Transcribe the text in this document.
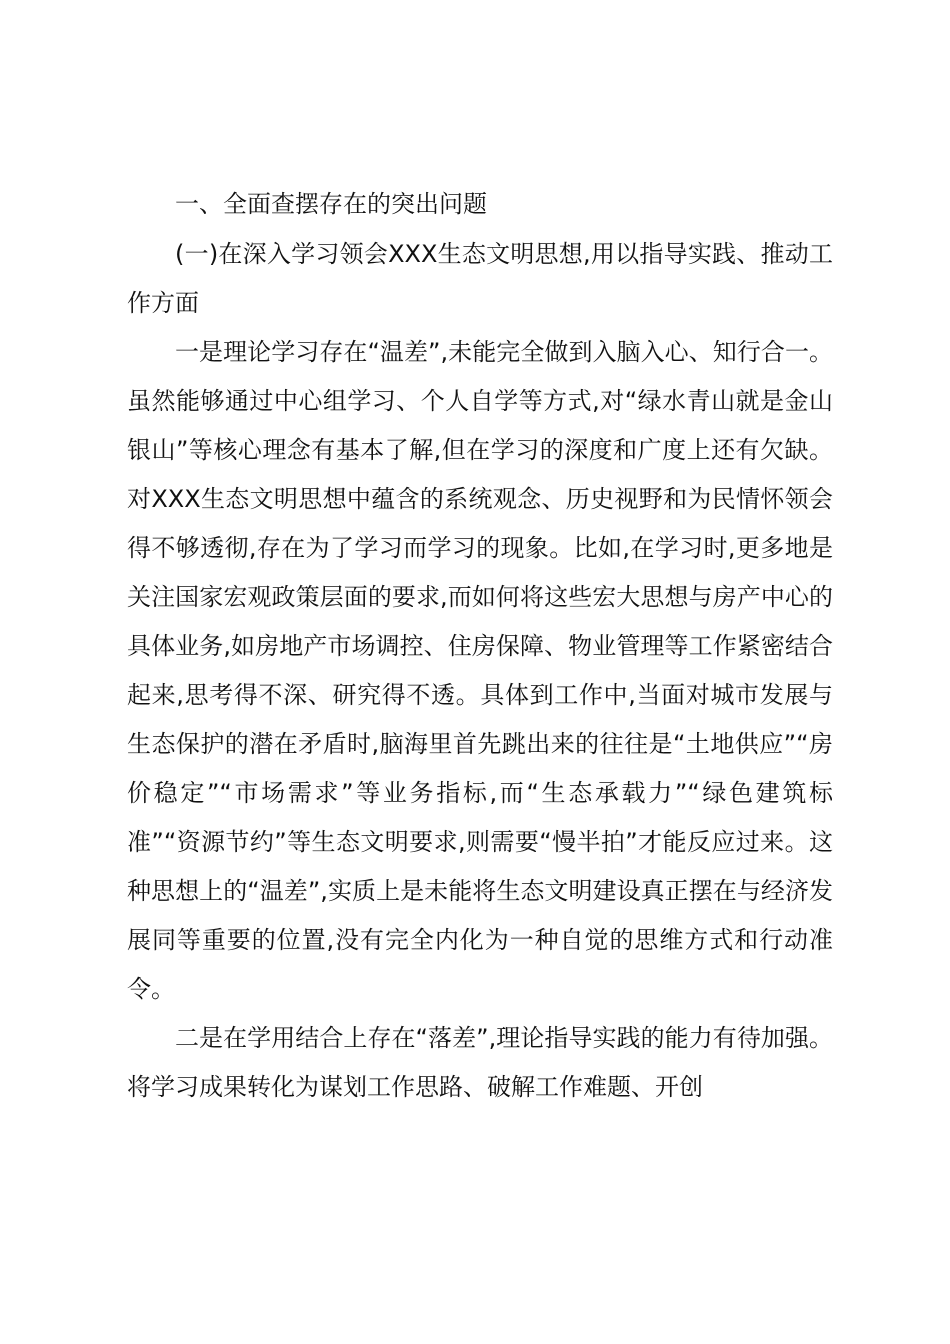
一、全面查摆存在的突出问题

(一)在深入学习领会XXX生态文明思想,用以指导实践、推动工作方面

一是理论学习存在“温差”,未能完全做到入脑入心、知行合一。虽然能够通过中心组学习、个人自学等方式,对“绿水青山就是金山银山”等核心理念有基本了解,但在学习的深度和广度上还有欠缺。对XXX生态文明思想中蕴含的系统观念、历史视野和为民情怀领会得不够透彻,存在为了学习而学习的现象。比如,在学习时,更多地是关注国家宏观政策层面的要求,而如何将这些宏大思想与房产中心的具体业务,如房地产市场调控、住房保障、物业管理等工作紧密结合起来,思考得不深、研究得不透。具体到工作中,当面对城市发展与生态保护的潜在矛盾时,脑海里首先跳出来的往往是“土地供应”“房价稳定”“市场需求”等业务指标,而“生态承载力”“绿色建筑标准”“资源节约”等生态文明要求,则需要“慢半拍”才能反应过来。这种思想上的“温差”,实质上是未能将生态文明建设真正摆在与经济发展同等重要的位置,没有完全内化为一种自觉的思维方式和行动准令。

二是在学用结合上存在“落差”,理论指导实践的能力有待加强。将学习成果转化为谋划工作思路、破解工作难题、开创
